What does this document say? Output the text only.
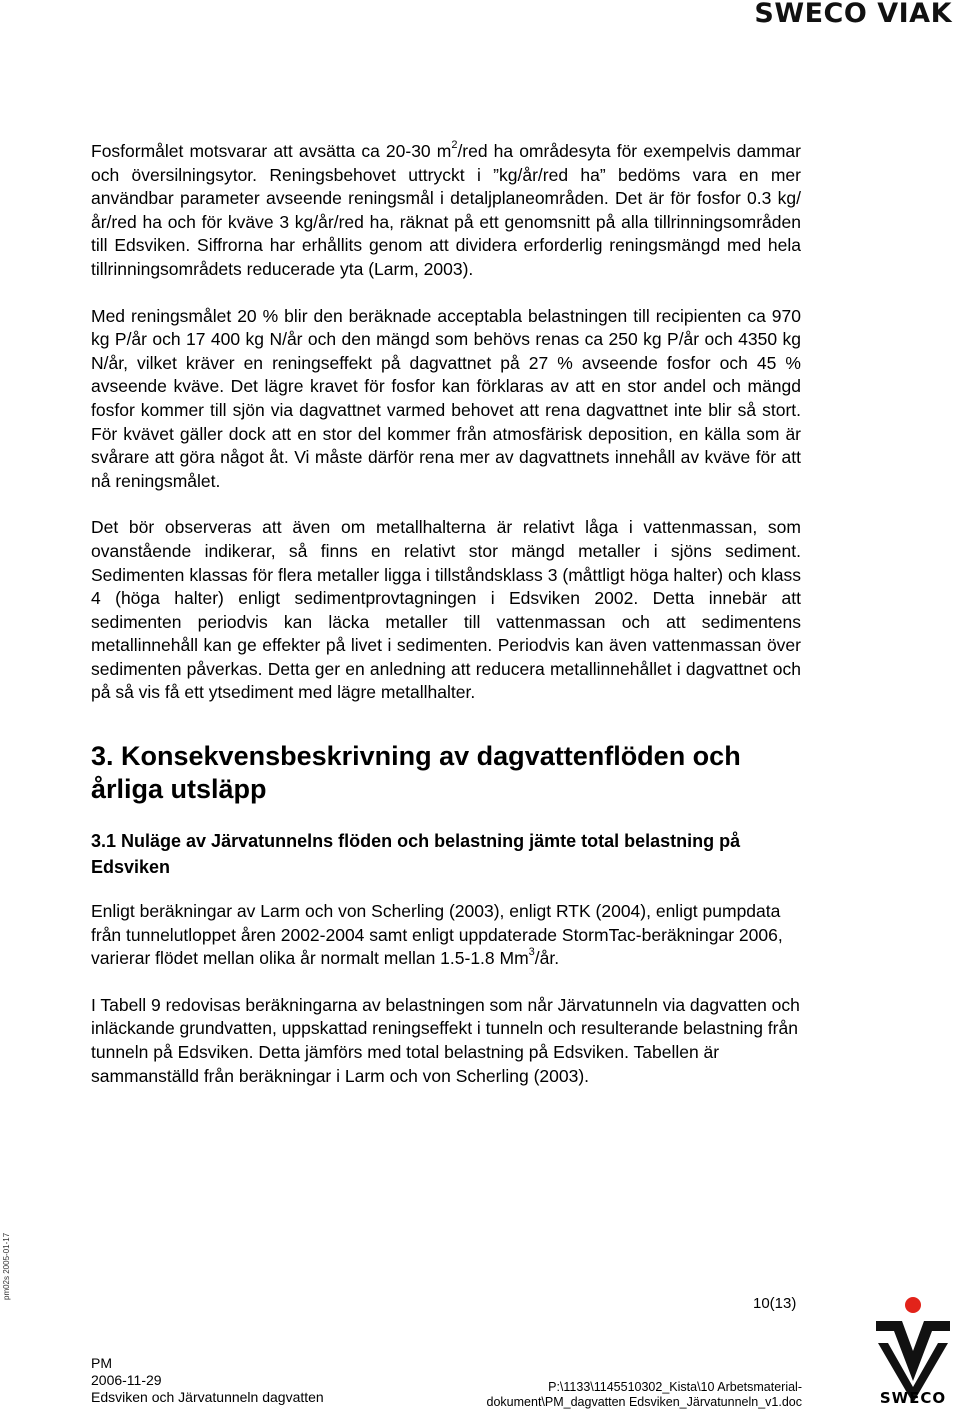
SWECO VIAK

Fosformålet motsvarar att avsätta ca 20-30 $m^2$/red ha områdesyta för exempelvis dammar och översilningsytor. Reningsbehovet uttryckt i ”kg/år/red ha” bedöms vara en mer användbar parameter avseende reningsmål i detaljplaneområden. Det är för fosfor 0.3 kg/år/red ha och för kväve 3 kg/år/red ha, räknat på ett genomsnitt på alla tillrinningsområden till Edsviken. Siffrorna har erhållits genom att dividera erforderlig reningsmängd med hela tillrinningsområdets reducerade yta (Larm, 2003).

Med reningsmålet 20 % blir den beräknade acceptabla belastningen till recipienten ca 970 kg P/år och 17 400 kg N/år och den mängd som behövs renas ca 250 kg P/år och 4350 kg N/år, vilket kräver en reningseffekt på dagvattnet på 27 % avseende fosfor och 45 % avseende kväve. Det lägre kravet för fosfor kan förklaras av att en stor andel och mängd fosfor kommer till sjön via dagvattnet varmed behovet att rena dagvattnet inte blir så stort. För kvävet gäller dock att en stor del kommer från atmosfärisk deposition, en källa som är svårare att göra något åt. Vi måste därför rena mer av dagvattnets innehåll av kväve för att nå reningsmålet.

Det bör observeras att även om metallhalterna är relativt låga i vattenmassan, som ovanstående indikerar, så finns en relativt stor mängd metaller i sjöns sediment. Sedimenten klassas för flera metaller ligga i tillståndsklass 3 (måttligt höga halter) och klass 4 (höga halter) enligt sedimentprovtagningen i Edsviken 2002. Detta innebär att sedimenten periodvis kan läcka metaller till vattenmassan och att sedimentens metallinnehåll kan ge effekter på livet i sedimenten. Periodvis kan även vattenmassan över sedimenten påverkas. Detta ger en anledning att reducera metallinnehållet i dagvattnet och på så vis få ett ytsediment med lägre metallhalter.

3. Konsekvensbeskrivning av dagvattenflöden och årliga utsläpp
3.1 Nuläge av Järvatunnelns flöden och belastning jämte total belastning på Edsviken

Enligt beräkningar av Larm och von Scherling (2003), enligt RTK (2004), enligt pumpdata från tunnelutloppet åren 2002-2004 samt enligt uppdaterade StormTac-beräkningar 2006, varierar flödet mellan olika år normalt mellan 1.5-1.8 Mm$^3$/år.

I Tabell 9 redovisas beräkningarna av belastningen som når Järvatunneln via dagvatten och inläckande grundvatten, uppskattad reningseffekt i tunneln och resulterande belastning från tunneln på Edsviken. Detta jämförs med total belastning på Edsviken. Tabellen är sammanställd från beräkningar i Larm och von Scherling (2003).

pm02s 2005-01-17
10(13)
PM
2006-11-29
Edsviken och Järvatunneln dagvatten
P:\1133\1145510302_Kista\10 Arbetsmaterial-
dokument\PM_dagvatten Edsviken_Järvatunneln_v1.doc	SWECO
